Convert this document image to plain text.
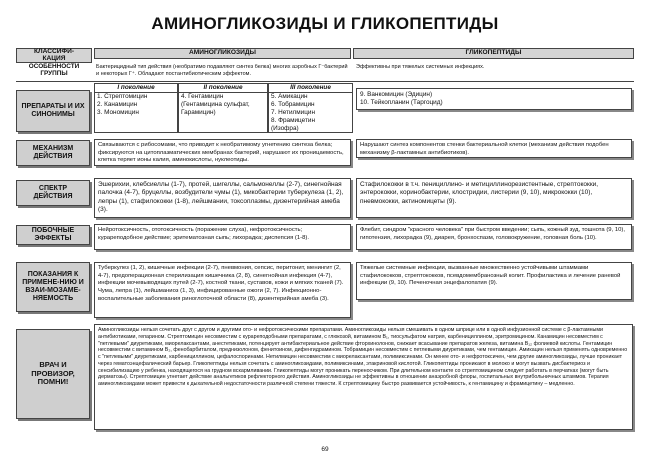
АМИНОГЛИКОЗИДЫ И ГЛИКОПЕПТИДЫ
КЛАССИФИ-
КАЦИЯ
АМИНОГЛИКОЗИДЫ	ГЛИКОПЕПТИДЫ
ОСОБЕННОСТИ ГРУППЫ
Бактерицидный тип действия (необратимо подавляют синтез белка) многих аэробных Г⁻бактерий и некоторых Г⁺. Обладают постантибиотическим эффектом.
Эффективны при тяжелых системных инфекциях.
ПРЕПАРАТЫ И ИХ СИНОНИМЫ
I поколение
1. Стрептомицин
2. Канамицин
3. Мономицин
II поколение
4. Гентамицин
(Гентамицина сульфат,
Гарамицин)
III поколение
5. Амикацин
6. Тобрамицин
7. Нетилмицин
8. Фрамицетин
(Изофра)
9. Ванкомицин (Эдицин)
10. Тейкопланин (Таргоцид)
МЕХАНИЗМ ДЕЙСТВИЯ
Связываются с рибосомами, что приводит к необратимому угнетению синтеза белка; фиксируются на цитоплазматических мембранах бактерий, нарушают их проницаемость, клетка теряет ионы калия, аминокислоты, нуклеотиды.
Нарушают синтез компонентов стенки бактериальной клетки (механизм действия подобен механизму β-лактамных антибиотиков).
СПЕКТР ДЕЙСТВИЯ
Эшерихии, клебсиеллы (1-7), протей, шигеллы, сальмонеллы (2-7), синегнойная палочка (4-7), бруцеллы, возбудители чумы (1), микобактерии туберкулеза (1, 2), лепры (1), стафилококки (1-8), лейшмании, токсоплазмы, дизентерийная амеба (3).
Стафилококки в т.ч. пенициллино- и метициллинорезистентные, стрептококки, энтерококки, коринобактерии, клостридии, листерии (9, 10), микрококки (10), пневмококки, актиномицеты (9).
ПОБОЧНЫЕ ЭФФЕКТЫ
Нейротоксичность, ототоксичность (поражение слуха), нефротоксичность; курареподобное действие; эритематозная сыпь; лихорадка; диспепсия (1-8).
Флебит, синдром "красного человека" при быстром введении; сыпь, кожный зуд, тошнота (9, 10), гипотензия, лихорадка (9), диарея, бронхоспазм, головокружение, головная боль (10).
ПОКАЗАНИЯ К ПРИМЕНЕ-НИЮ И ВЗАИ-МОЗАМЕ-НЯЕМОСТЬ
Туберкулез (1, 2), кишечные инфекции (2-7), пневмония, сепсис, перитонит, менингит (2, 4-7), предоперационная стерилизация кишечника (2, 8), синегнойная инфекция (4-7), инфекции мочевыводящих путей (2-7), костной ткани, суставов, кожи и мягких тканей (7). Чума, лепра (1), лейшманиоз (1, 3), инфицированные ожоги (2, 7). Инфекционно-воспалительные заболевания риноглоточной области (8), дизентерийная амеба (3).
Тяжелые системные инфекции, вызванные множественно устойчивыми штаммами стафилококков, стрептококков, псевдомембранозный колит. Профилактика и лечение раневой инфекции (9, 10). Печеночная энцефалопатия (9).
ВРАЧ И ПРОВИЗОР, ПОМНИ!
Аминогликозиды нельзя сочетать друг с другом и другими ото- и нефротоксическими препаратами. Аминогликозиды нельзя смешивать в одном шприце или в одной инфузионной системе с β-лактамными антибиотиками, гепарином. Стрептомицин несовместим с курареподобными препаратами, с глюкозой, витамином B₁, тиосульфатом натрия, карбенициллином, эритромицином. Канамицин несовместим с "петлевыми" диуретиками, миорелаксантами, анестетиками, потенцирует антибактериальное действие фторхинолонов, снижает всасывание препаратов железа, витамина B₁₂ фолиевой кислоты. Гентамицин несовместим с витамином B₂, фенобарбиталом, преднизолоном, фенитоином, дифенгидрамином. Тобрамицин несовместим с петлевыми диуретиками, чем гентамицин. Амикацин нельзя применять одновременно с "петлевыми" диуретиками, карбенициллином, цефалоспоринами. Нетилмицин несовместим с миорелаксантами, полимиксинами. Он менее ото- и нефротоксичен, чем другие аминогликозиды, лучше проникает через гематоэнцефалический барьер. Гликопептиды нельзя сочетать с аминогликозидами, полимиксинами, этакриновой кислотой. Гликопептиды проникают в молоко и могут вызвать дисбактериоз и сенсибилизацию у ребенка, находящегося на грудном вскармливании. Гликопептиды могут проникать переносчиком. При длительном контакте со стрептомицином следует работать в перчатках (могут быть дерматозы). Стрептомицин угнетает действие анальгетиков рефлекторного действия. Аминогликозиды не эффективны в отношении анаэробной флоры, госпитальных внутрибольничных штаммов. Терапия аминогликозидами может привести к дыхательной недостаточности различной степени тяжести. К стрептомицину быстро развивается устойчивость, к гентамицину и фрамицетину – медленно.
69
